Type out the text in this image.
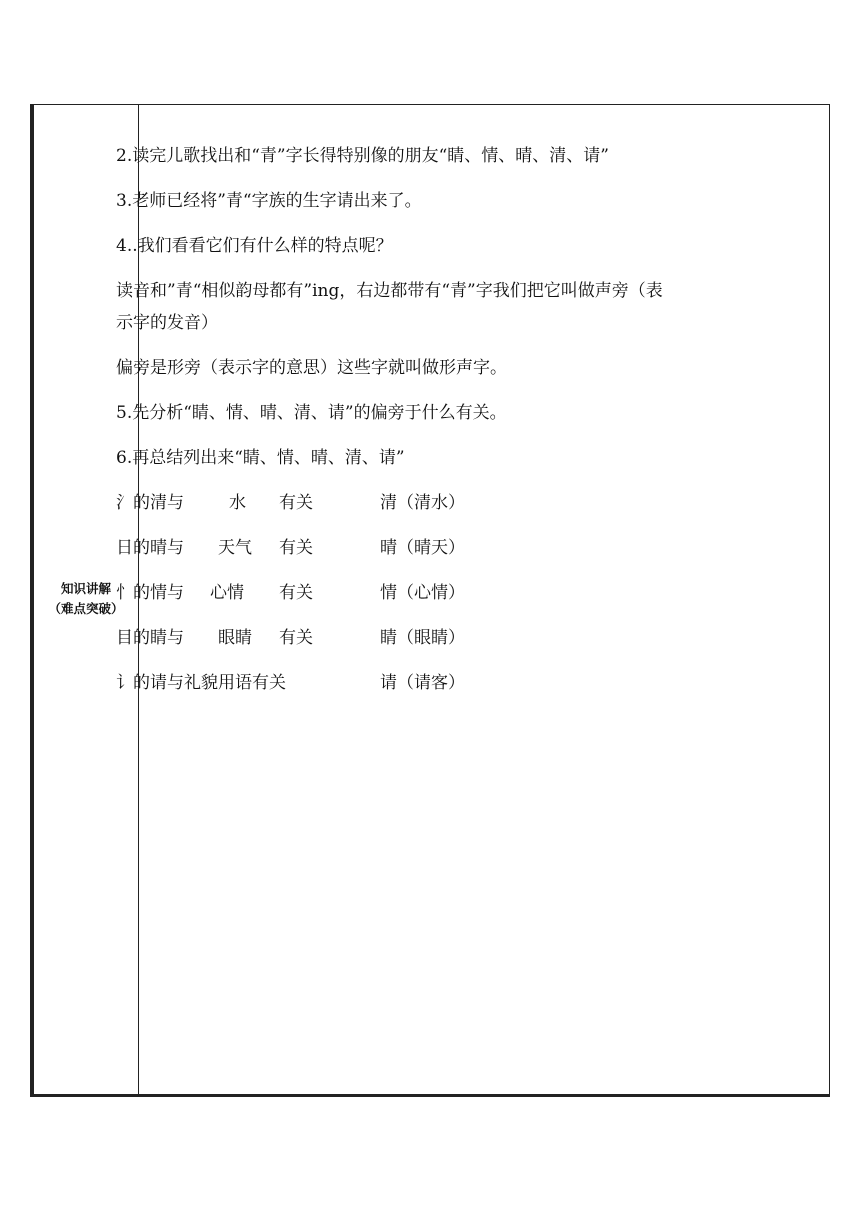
知识讲解
（难点突破）
2.读完儿歌找出和“青”字长得特别像的朋友“睛、情、晴、清、请”
3.老师已经将”青“字族的生字请出来了。
4..我们看看它们有什么样的特点呢？
读音和”青“相似韵母都有”ing，右边都带有“青”字我们把它叫做声旁（表
示字的发音）
偏旁是形旁（表示字的意思）这些字就叫做形声字。
5.先分析“睛、情、晴、清、请”的偏旁于什么有关。
6.再总结列出来“睛、情、晴、清、请”
氵的清与	水 有关	清（清水）
日的晴与 天气 有关	晴（晴天）
忄的情与 心情 有关	情（心情）
目的睛与 眼睛 有关	睛（眼睛）
讠的请与礼貌用语有关	请（请客）
